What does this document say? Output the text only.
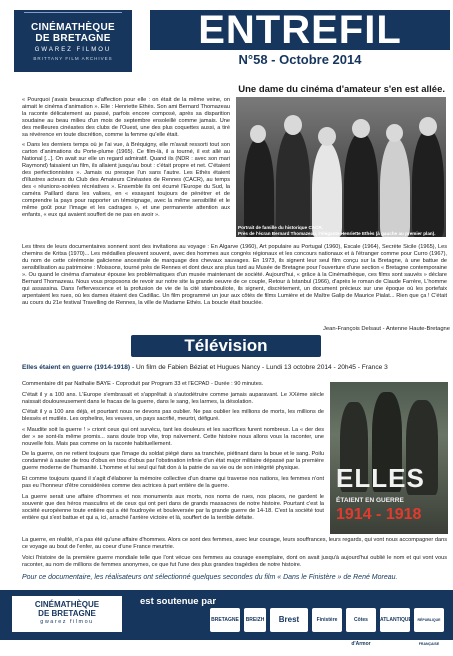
CINÉMATHÈQUE
DE BRETAGNE
GWAREZ FILMOU
BRITTANY FILM ARCHIVES
ENTREFIL
N°58 - Octobre 2014
Une dame du cinéma d'amateur s'en est allée.

« Pourquoi j'avais beaucoup d'affection pour elle : on était de la même veine, on aimait le cinéma d'animation ». Elle : Henriette Ethès. Son ami Bernard Thomazeau la raconte délicatement au passé, parfois encore composé, après sa disparition soudaine au beau milieu d'un mois de septembre ensoleillé comme jamais. Une des meilleures cinéastes des clubs de l'Ouest, une des plus coquettes aussi, a tiré sa révérence en toute discrétion, comme la femme qu'elle était.

« Dans les derniers temps où je l'ai vue, à Bréquigny, elle m'avait ressorti tout son carton d'animations du Porte-plume (1965). Ce film-là, il a tourné, il est allé au National [...]. On avait sur elle un regard admiratif. Quand ils (NDR : avec son mari Raymond) faisaient un film, ils allaient jusqu'au bout : c'était propre et net. C'étaient des perfectionnistes ». Jamais ou presque l'un sans l'autre. Les Ethès étaient d'illustres acteurs du Club des Amateurs Cinéastes de Rennes (CACR), au temps des « réunions-soirées récréatives ». Ensemble ils ont écumé l'Europe du Sud, la caméra Paillard dans les valises, en « essayant toujours de pénétrer et de comprendre la pays pour rapporter un témoignage, avec la même sensibilité et le même goût pour l'image et les cadrages », et une permanente attention aux enfants, « eux qui avaient souffert de ne pas en avoir ».

Portrait de famille du historique CACR.
Près de l'écran Bernard Thomazeau, l'élégante Henriette Ethès (à gauche au premier plan).
Les titres de leurs documentaires sonnent sont des invitations au voyage : En Algarve (1960), Art populaire au Portugal (1960), Escale (1964), Secrète Sicile (1965), Les chemins de Kritsa (1970)... Les médailles pleuvent souvent, avec des hommes aux congrès régionaux et les concours nationaux et à l'étranger comme pour Curro (1967), du nom de cette cérémonie galicienne ancestrale de marquage des chevaux sauvages. En 1973, ils signent leur seul film conçu sur la Bretagne, à une battue de sensibilisation au patrimoine : Moissons, tourné près de Rennes et dont deux ans plus tard au Musée de Bretagne pour l'ouverture d'une section « Bretagne contemporaine ». Ou quand le cinéma d'amateur épouse les problématiques d'un musée maintenant de société. Aujourd'hui, « grâce à la Cinémathèque, ces films sont sauvés » déclare Bernard Thomazeau. Nous vous proposons de revoir sur notre site la grande oeuvre de ce couple, Retour à Istanbul (1966), d'après le roman de Claude Farrère, L'homme qui assassina. Dans l'effervescence et la profusion de vie de la cité stambouliote, ils signent, discrètement, un document précieux sur une époque où les portefaix arpentaient les rues, où les dames étaient des Cadillac. Un film programmé un jour aux côtés de films Lumière et de Maître Galip de Maurice Pialat... Rien que ça ! C'était au cours du 21e festival Travelling de Rennes, la ville de Madame Ethès. La boucle était bouclée.
Jean-François Delsaut - Antenne Haute-Bretagne
Télévision
Elles étaient en guerre (1914-1918) - Un film de Fabien Béziat et Hugues Nancy - Lundi 13 octobre 2014 - 20h45 - France 3

Commentaire dit par Nathalie BAYE - Coproduit par Program 33 et l'ECPAD - Durée : 90 minutes.

C'était il y a 100 ans. L'Europe s'embrasait et s'apprêtait à s'autodétruire comme jamais auparavant. Le XXème siècle naissait douloureusement dans le fracas de la guerre, dans le sang, les larmes, la désolation.

C'était il y a 100 ans déjà, et pourtant nous ne devons pas oublier. Ne pas oublier les millions de morts, les millions de blessés et mutilés. Les orphelins, les veuves, un pays sacrifié, meurtri, défiguré.

« Maudite soit la guerre ! » criont ceux qui ont survécu, tant les douleurs et les sacrifices furent nombreux. La « der des der » se sont-ils même promis... sans doute trop vite, trop naïvement. Cette histoire nous allons vous la raconter, une nouvelle fois. Mais pas comme on la raconte habituellement.

De la guerre, on ne retient toujours que l'image du soldat piégé dans sa tranchée, piétinant dans la boue et le sang. Poilu condamné à sauter de trou d'obus en trou d'obus par l'obstination infinie d'un état major militaire dépassé par la première guerre moderne de l'humanité. L'homme et lui seul qui fait don à la patrie de sa vie ou de son intégrité physique.

Et comme toujours quand il s'agit d'élaborer la mémoire collective d'un drame qui traverse nos nations, les femmes n'ont pas eu l'honneur d'être considérées comme des actrices à part entière de la guerre.

La guerre serait une affaire d'hommes et nos monuments aux morts, nos noms de rues, nos places, ne gardent le souvenir que des héros masculins et de ceux qui ont peri dans de grands massacres de notre histoire. Pourtant c'est la société européenne toute entière qui a été foudroyée et bouleversée par la grande guerre de 14-18. C'est la société tout entière qui s'est battue et qui a, ici, arraché l'arrière victoire et là, souffert de la terrible défaite.

ELLES
ÉTAIENT EN GUERRE
1914 - 1918

La guerre, en réalité, n'a pas été qu'une affaire d'hommes. Alors ce sont des femmes, avec leur courage, leurs souffrances, leurs regards, qui vont nous accompagner dans ce voyage au bout de l'enfer, au coeur d'une France meurtrie.

Voici l'histoire de la première guerre mondiale telle que l'ont vécue ces femmes au courage exemplaire, dont on avait jusqu'à aujourd'hui oublié le nom et qui vont vous raconter, au nom de millions de femmes anonymes, ce que fut l'une des plus grandes tragédies de notre histoire.

Pour ce documentaire, les réalisateurs ont sélectionné quelques secondes du film « Dans le Finistère » de René Moreau.
CINÉMATHÈQUE
DE BRETAGNE
gwarez filmou
est soutenue par
BRETAGNE	BREIZH	Brest	Finistère	Côtes d'Armor
ATLANTIQUE	RÉPUBLIQUE FRANÇAISE
